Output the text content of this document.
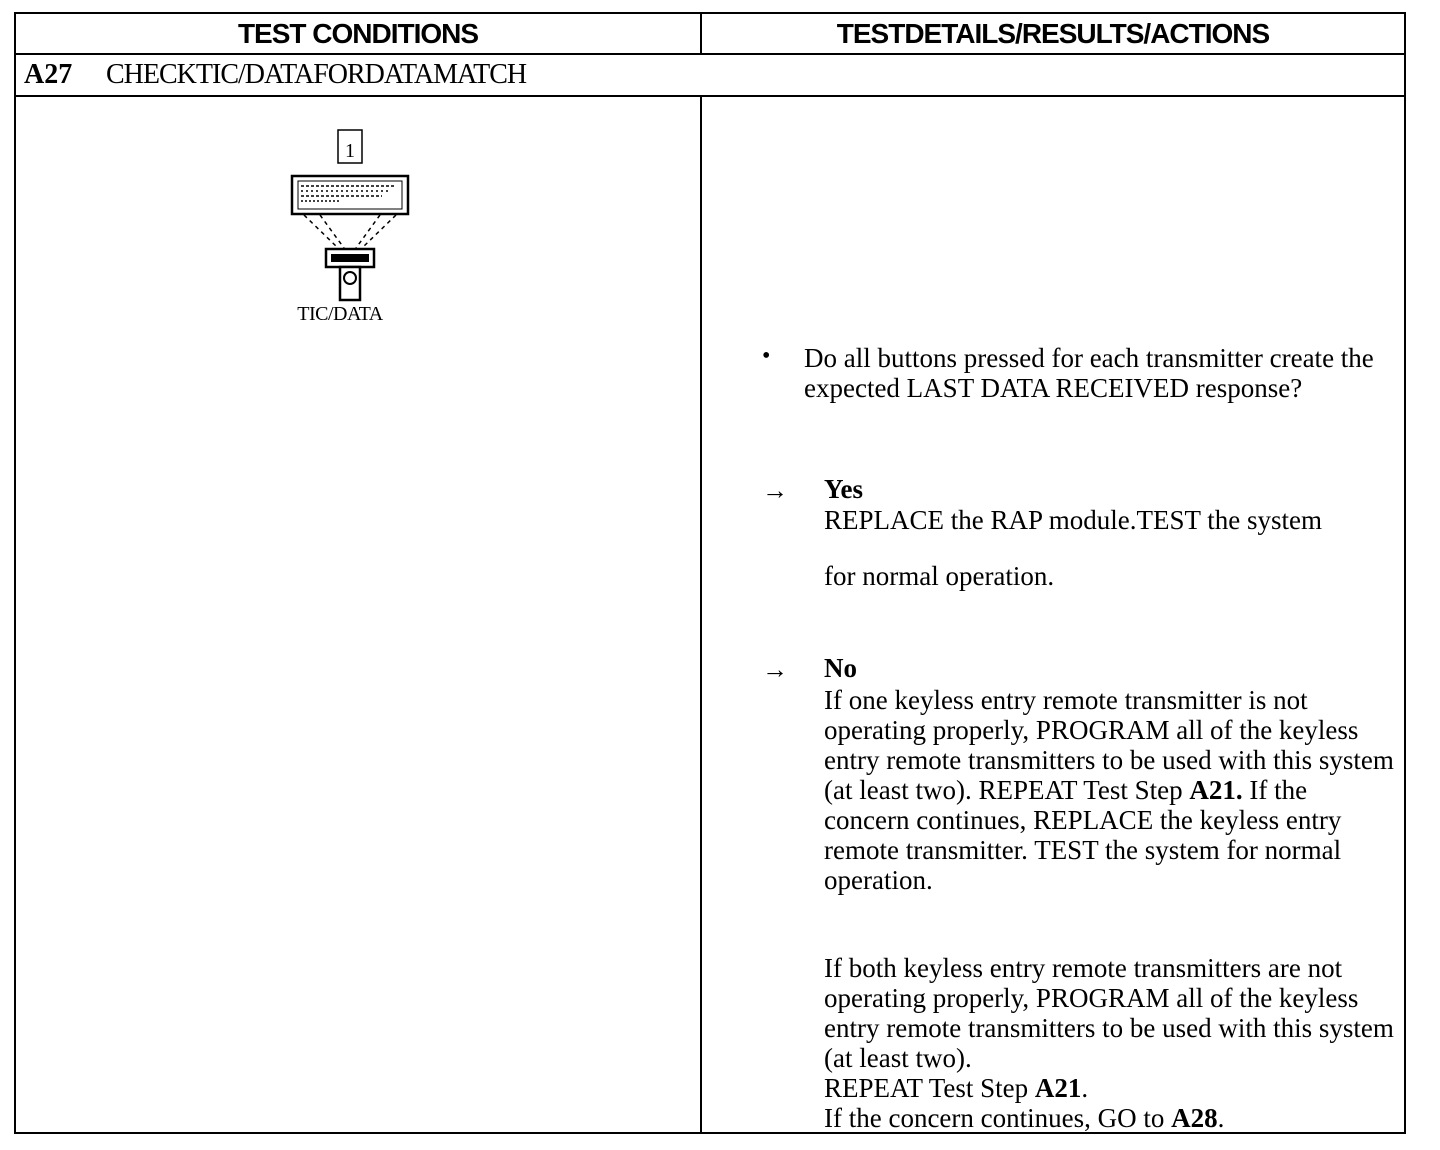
TEST CONDITIONS	TESTDETAILS/RESULTS/ACTIONS
A27 CHECKTIC/DATAFORDATAMATCH
1
TIC/DATA
• Do all buttons pressed for each transmitter create the expected LAST DATA RECEIVED response?
→ Yes
REPLACE the RAP module.TEST the system
for normal operation.
→ No
If one keyless entry remote transmitter is not operating properly, PROGRAM all of the keyless entry remote transmitters to be used with this system (at least two). REPEAT Test Step A21. If the concern continues, REPLACE the keyless entry remote transmitter. TEST the system for normal operation.
If both keyless entry remote transmitters are not operating properly, PROGRAM all of the keyless entry remote transmitters to be used with this system (at least two).
REPEAT Test Step A21.
If the concern continues, GO to A28.
